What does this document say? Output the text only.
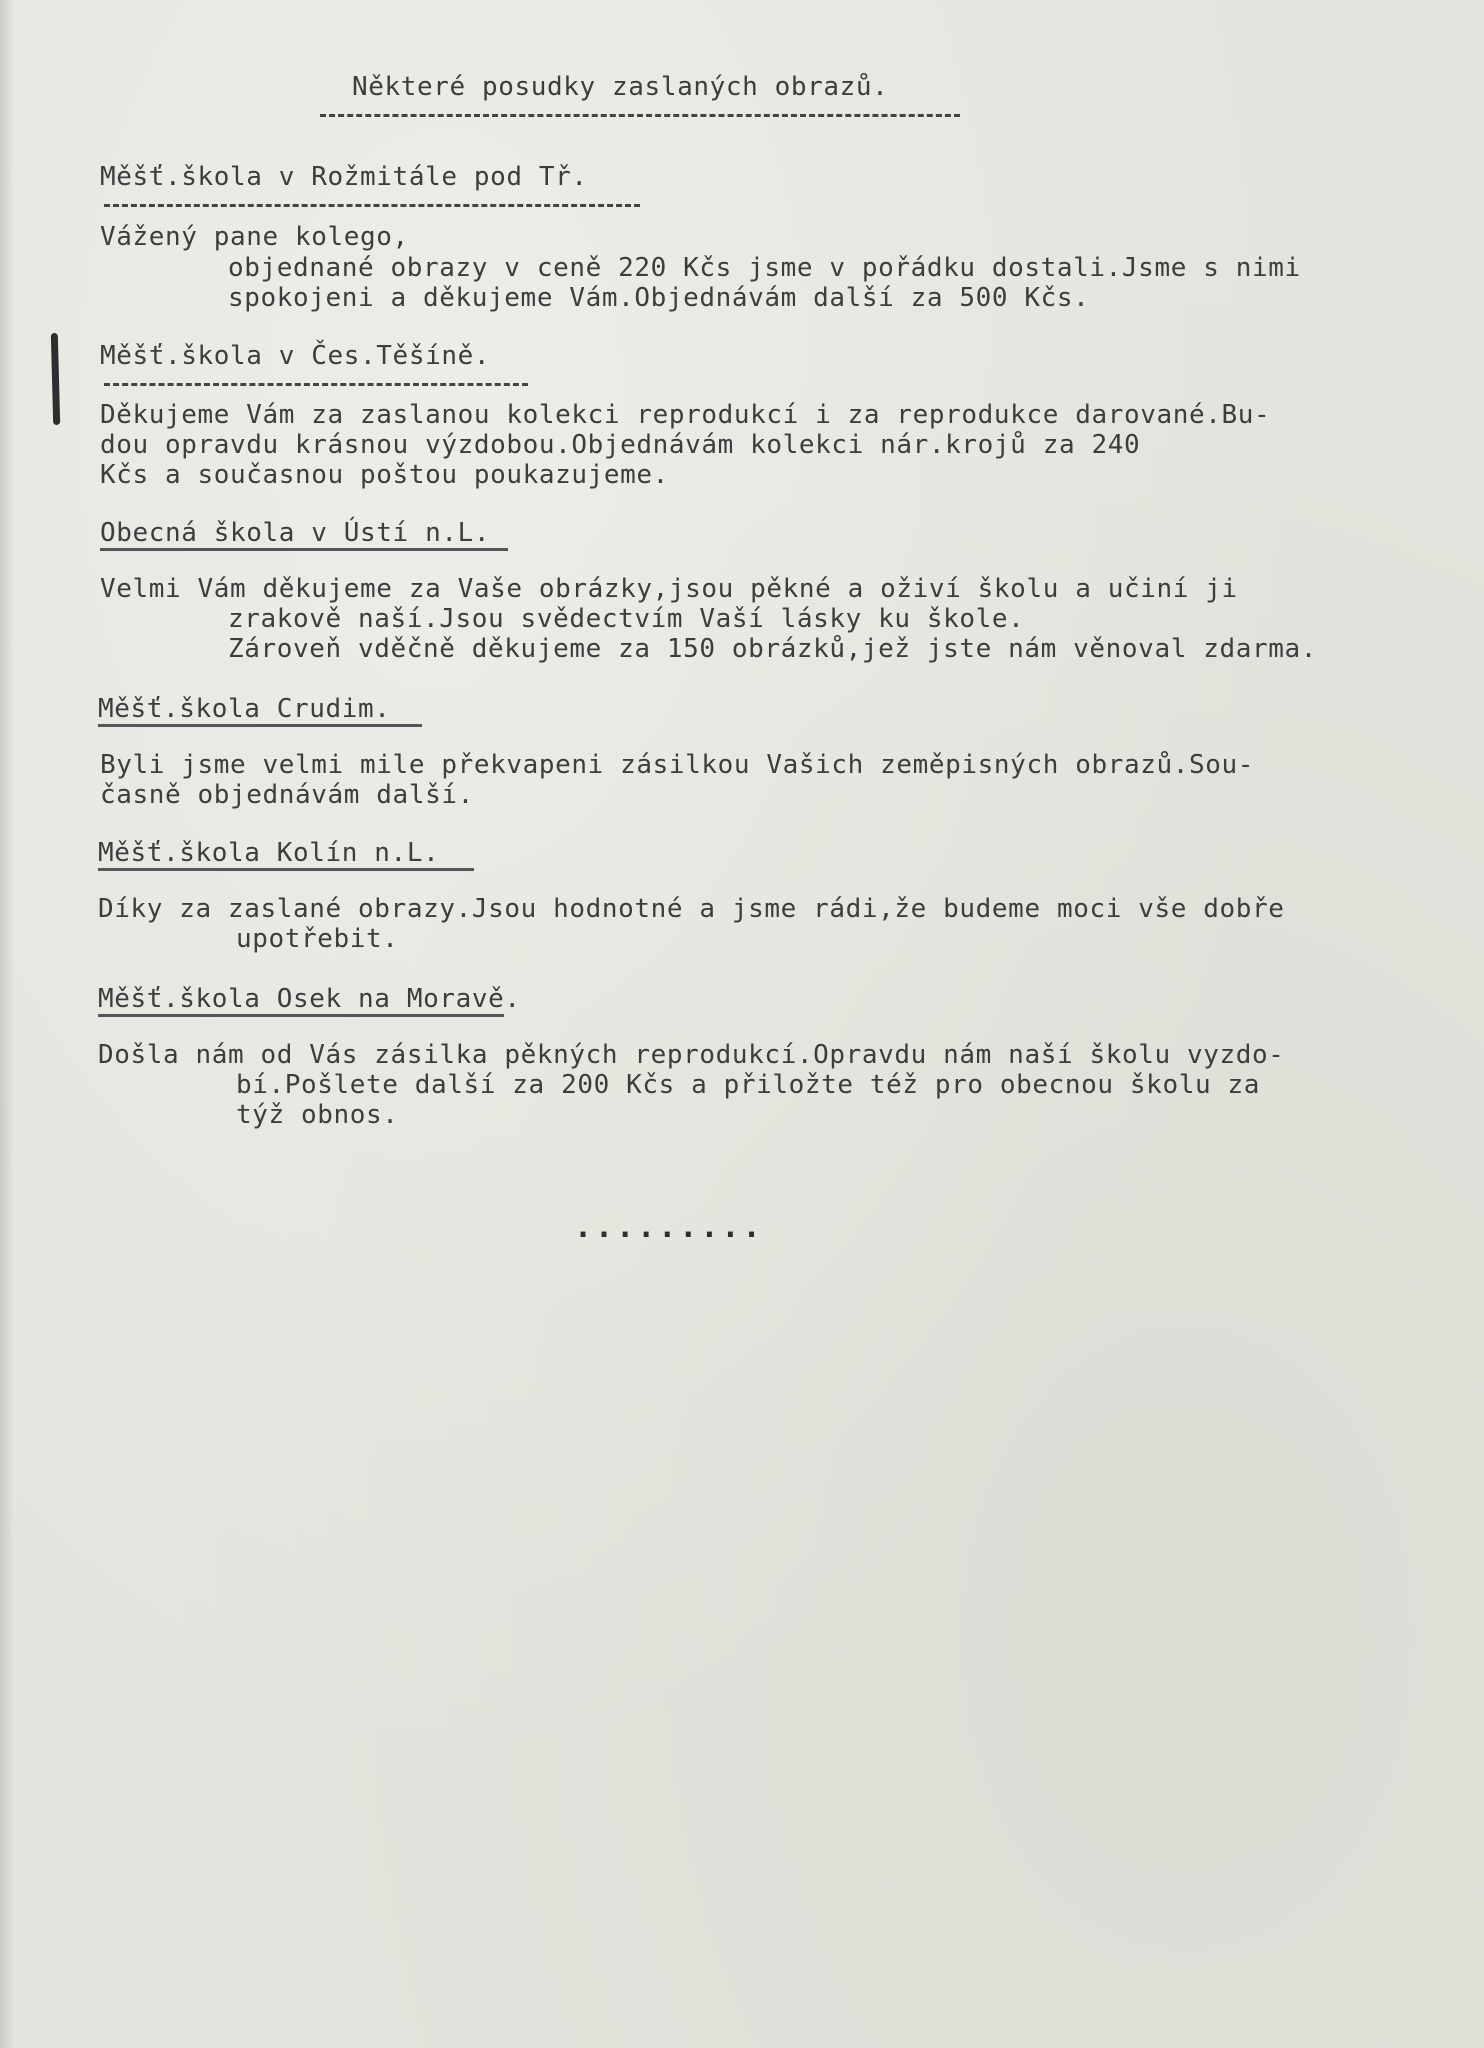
Některé posudky zaslaných obrazů.
Měšť.škola v Rožmitále pod Tř.
Vážený pane kolego,
objednané obrazy v ceně 220 Kčs jsme v pořádku dostali.Jsme s nimi
spokojeni a děkujeme Vám.Objednávám další za 500 Kčs.
Měšť.škola v Čes.Těšíně.
Děkujeme Vám za zaslanou kolekci reprodukcí i za reprodukce darované.Bu-
dou opravdu krásnou výzdobou.Objednávám kolekci nár.krojů za 240
Kčs a současnou poštou poukazujeme.
Obecná škola v Ústí n.L.
Velmi Vám děkujeme za Vaše obrázky,jsou pěkné a oživí školu a učiní ji
zrakově naší.Jsou svědectvím Vaší lásky ku škole.
Zároveň vděčně děkujeme za 150 obrázků,jež jste nám věnoval zdarma.
Měšť.škola Crudim.
Byli jsme velmi mile překvapeni zásilkou Vašich zeměpisných obrazů.Sou-
časně objednávám další.
Měšť.škola Kolín n.L.
Díky za zaslané obrazy.Jsou hodnotné a jsme rádi,že budeme moci vše dobře
upotřebit.
Měšť.škola Osek na Moravě.
Došla nám od Vás zásilka pěkných reprodukcí.Opravdu nám naší školu vyzdo-
bí.Pošlete další za 200 Kčs a přiložte též pro obecnou školu za
týž obnos.
.........
